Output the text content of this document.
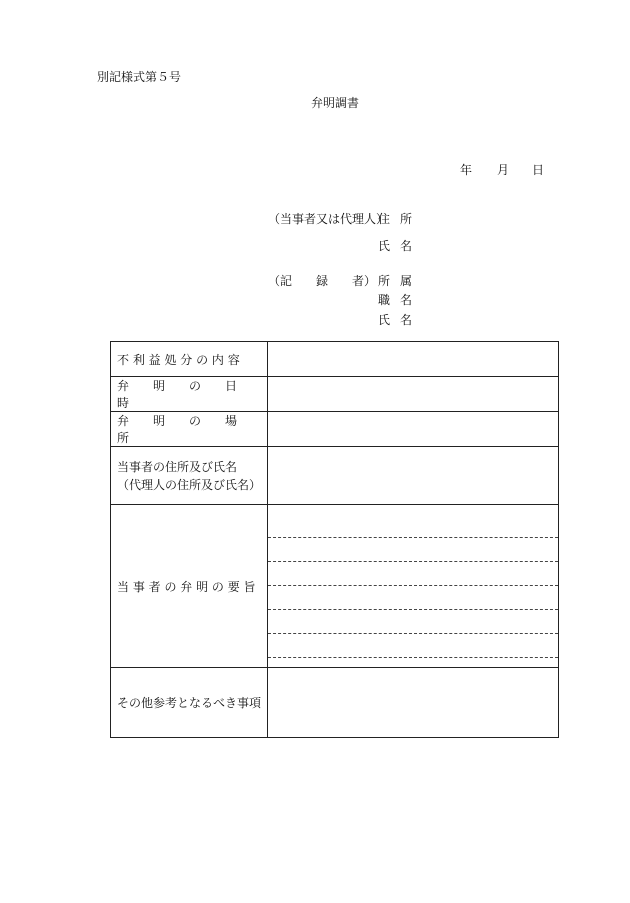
別記様式第５号
弁明調書
年 月 日
（当事者又は代理人）
住所
氏名
（記　　録　　者） 所属
職名
氏名
不 利 益 処 分 の 内 容	
弁　　明　　の　　日　　時	
弁　　明　　の　　場　　所	

当事者の住所及び氏名
（代理人の住所及び氏名）	

当 事 者 の 弁 明 の 要 旨	

その他参考となるべき事項	
